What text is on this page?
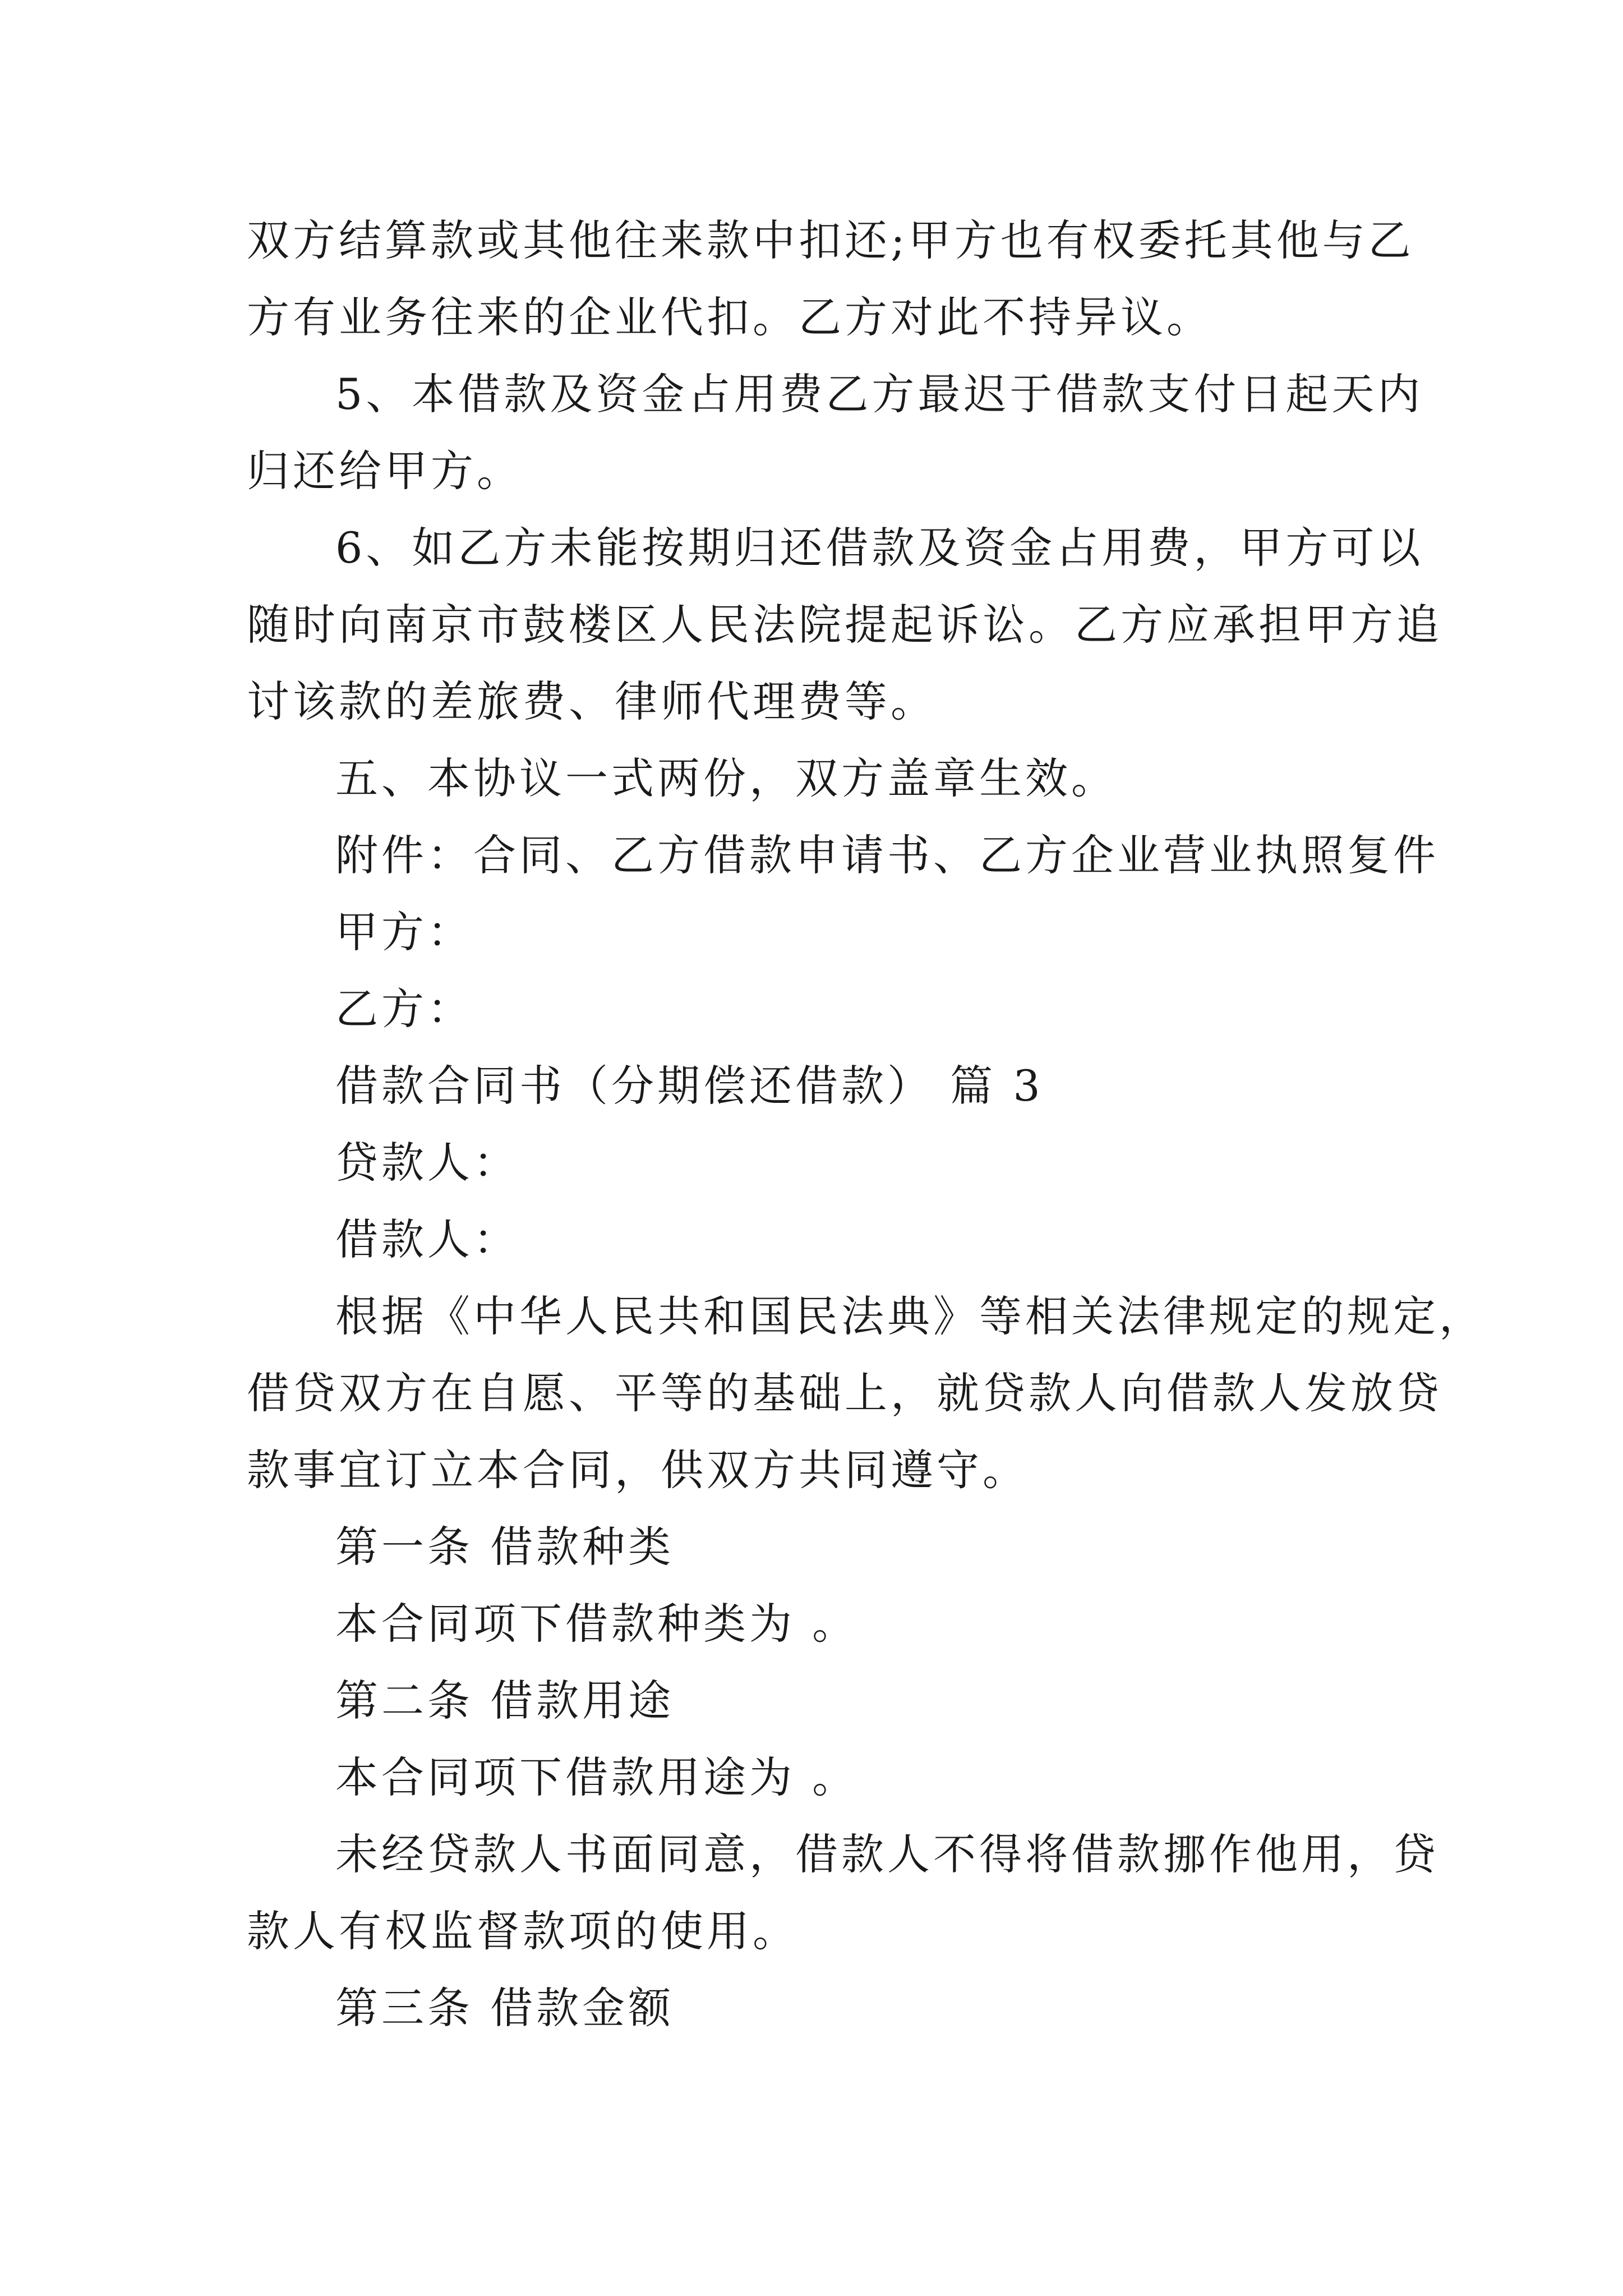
双方结算款或其他往来款中扣还;甲方也有权委托其他与乙
方有业务往来的企业代扣。乙方对此不持异议。
5、本借款及资金占用费乙方最迟于借款支付日起天内
归还给甲方。
6、如乙方未能按期归还借款及资金占用费，甲方可以
随时向南京市鼓楼区人民法院提起诉讼。乙方应承担甲方追
讨该款的差旅费、律师代理费等。
五、本协议一式两份，双方盖章生效。
附件：合同、乙方借款申请书、乙方企业营业执照复件
甲方：
乙方：
借款合同书（分期偿还借款） 篇 3
贷款人：
借款人：
根据《中华人民共和国民法典》等相关法律规定的规定，
借贷双方在自愿、平等的基础上，就贷款人向借款人发放贷
款事宜订立本合同，供双方共同遵守。
第一条 借款种类
本合同项下借款种类为 。
第二条 借款用途
本合同项下借款用途为 。
未经贷款人书面同意，借款人不得将借款挪作他用，贷
款人有权监督款项的使用。
第三条 借款金额
